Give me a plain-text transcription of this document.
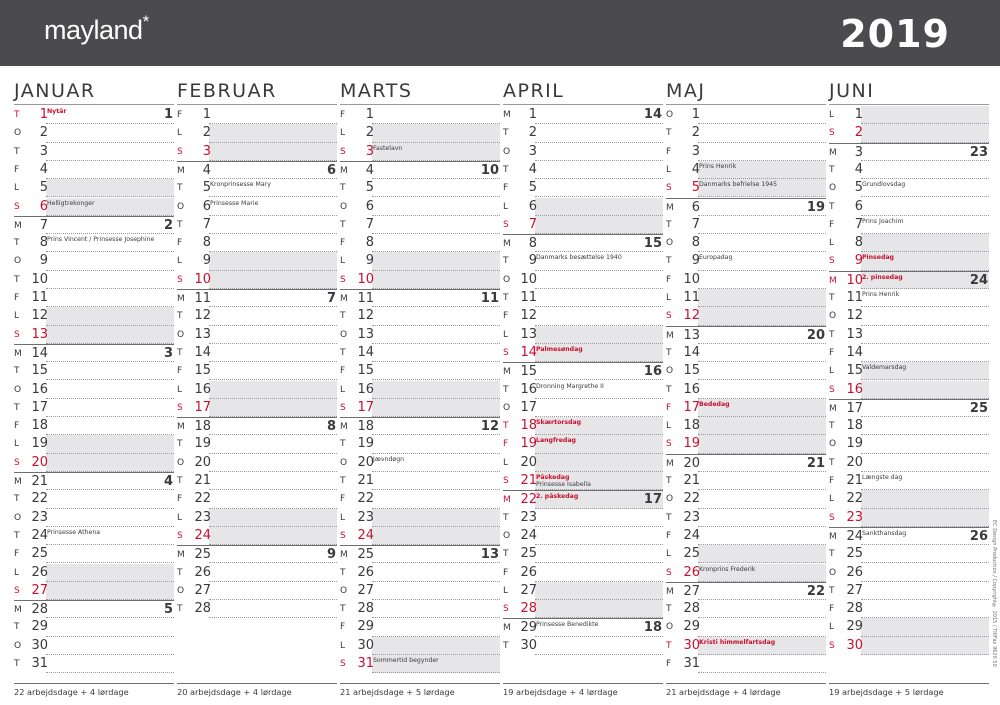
mayland*	2019
JANUAR
T	1 Nytår	1
O	2
T	3
F	4
L	5
S	6 Helligtrekonger
M	7	2
T	8 Prins Vincent / Prinsesse Josephine
O	9
T 10
F 11
L 12
S 13
M 14	3
T 15
O 16
T 17
F 18
L 19
S 20
M 21	4
T 22
O 23
T 24 Prinsesse Athena
F 25
L 26
S 27
M 28	5
T 29
O 30
T 31
22 arbejdsdage + 4 lørdage
FEBRUAR
F	1
L	2
S	3
M	4	6
T	5 Kronprinsesse Mary
O	6 Prinsesse Marie
T	7
F	8
L	9
S 10
M 11	7
T 12
O 13
T 14
F 15
L 16
S 17
M 18	8
T 19
O 20
T 21
F 22
L 23
S 24
M 25	9
T 26
O 27
T 28
20 arbejdsdage + 4 lørdage
MARTS
F	1
L	2
S	3 Fastelavn
M	4	10
T	5
O	6
T	7
F	8
L	9
S 10
M 11	11
T 12
O 13
T 14
F 15
L 16
S 17
M 18	12
T 19
O 20 Jævndøgn
T 21
F 22
L 23
S 24
M 25	13
T 26
O 27
T 28
F 29
L 30
S 31 Sommertid begynder
21 arbejdsdage + 5 lørdage
APRIL
M	1	14
T	2
O	3
T	4
F	5
L	6
S	7
M	8	15
T	9 Danmarks besættelse 1940
O 10
T 11
F 12
L 13
S 14 Palmesøndag
M 15	16
T 16 Dronning Margrethe II
O 17
T 18 Skærtorsdag
F 19 Langfredag
L 20
S 21 Påskedag
Prinsesse Isabella
M 22 2. påskedag	17
T 23
O 24
T 25
F 26
L 27
S 28
M 29 Prinsesse Benedikte	18
T 30
19 arbejdsdage + 4 lørdage
MAJ
O	1
T	2
F	3
L	4 Prins Henrik
S	5 Danmarks befrielse 1945
M	6	19
T	7
O	8
T	9 Europadag
F 10
L 11
S 12
M 13	20
T 14
O 15
T 16
F 17 Bededag
L 18
S 19
M 20	21
T 21
O 22
T 23
F 24
L 25
S 26 Kronprins Frederik
M 27	22
T 28
O 29
T 30 Kristi himmelfartsdag
F 31
21 arbejdsdage + 4 lørdage
JUNI
L	1
S	2
M	3	23
T	4
O	5 Grundlovsdag
T	6
F	7 Prins Joachim
L	8
S	9 Pinsedag
M 10 2. pinsedag	24
T 11 Prins Henrik
O 12
T 13
F 14
L 15 Valdemarsdag
S 16
M 17	25
T 18
O 19
T 20
F 21 Længste dag
L 22
S 23
M 24 Sankthansdag	26
T 25
O 26
T 27
F 28
L 29
S 30
19 arbejdsdage + 5 lørdage
EC Design Production / Copyright® 2015 / Tlf/Fax 9620 50
